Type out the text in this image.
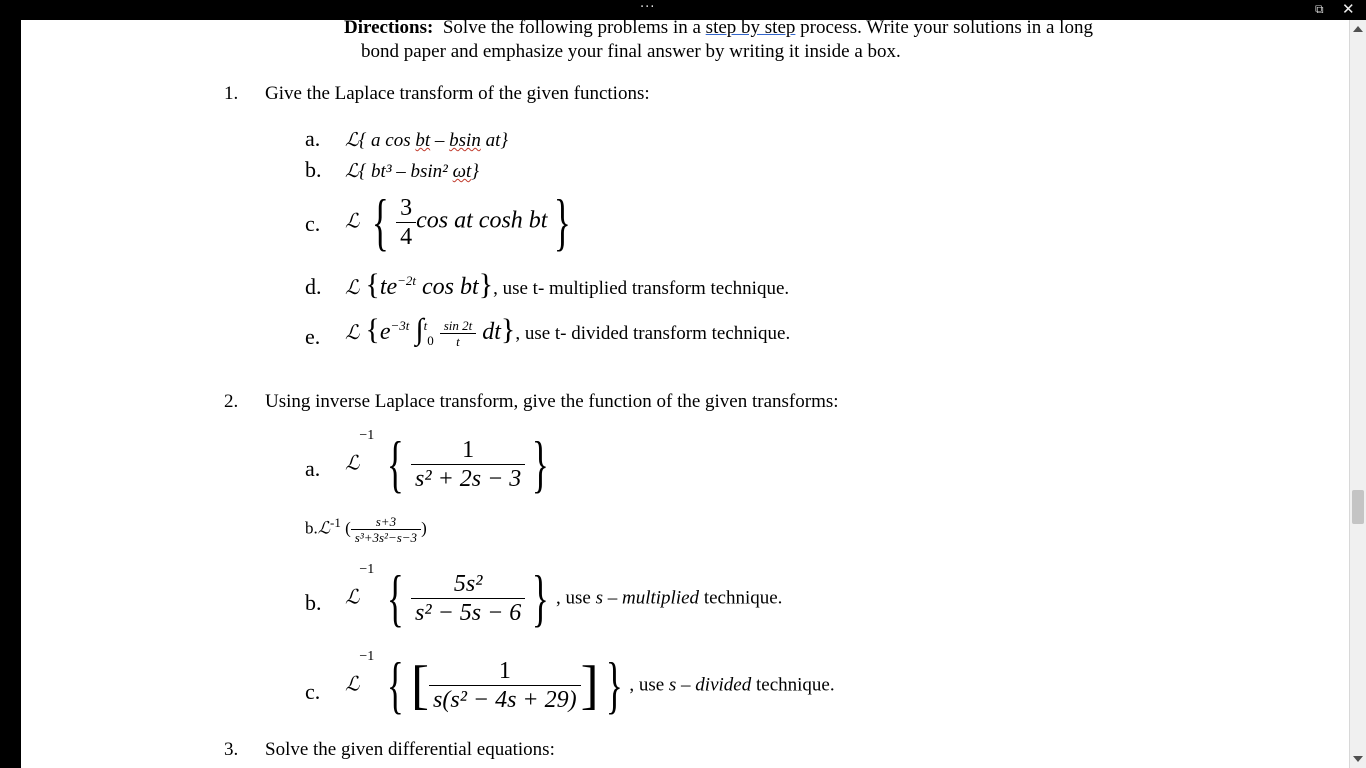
···	⧉ ✕
Directions: Solve the following problems in a step by step process. Write your solutions in a long
bond paper and emphasize your final answer by writing it inside a box.
1. Give the Laplace transform of the given functions:
a. ℒ{ a cos bt – bsin at}
b. ℒ{ bt³ – bsin² ωt}
c. ℒ { $\frac{3}{4}$ cos at cosh bt }
d. ℒ {$te^{-2t}$ cos bt}, use t- multiplied transform technique.
e. ℒ {$e^{-3t}$ $\int^t_0 \frac{\sin 2t}{t} dt$}, use t- divided transform technique.
2. Using inverse Laplace transform, give the function of the given transforms:
a. ℒ$^{-1}$ { $\frac{1}{\text{s² + 2s − 3}}$ }
b.ℒ$^{-1}$ ( $\frac{s+3}{\text{s³+3s²−s−3}}$ )
b. ℒ$^{-1}$ { $\frac{\text{5s²}}{\text{s² − 5s − 6}}$ } , use s – multiplied technique.
c. ℒ$^{-1}$ { [ $\frac{1}{\text{s(s² − 4s + 29)}}$ ] } , use s – divided technique.
3. Solve the given differential equations:
